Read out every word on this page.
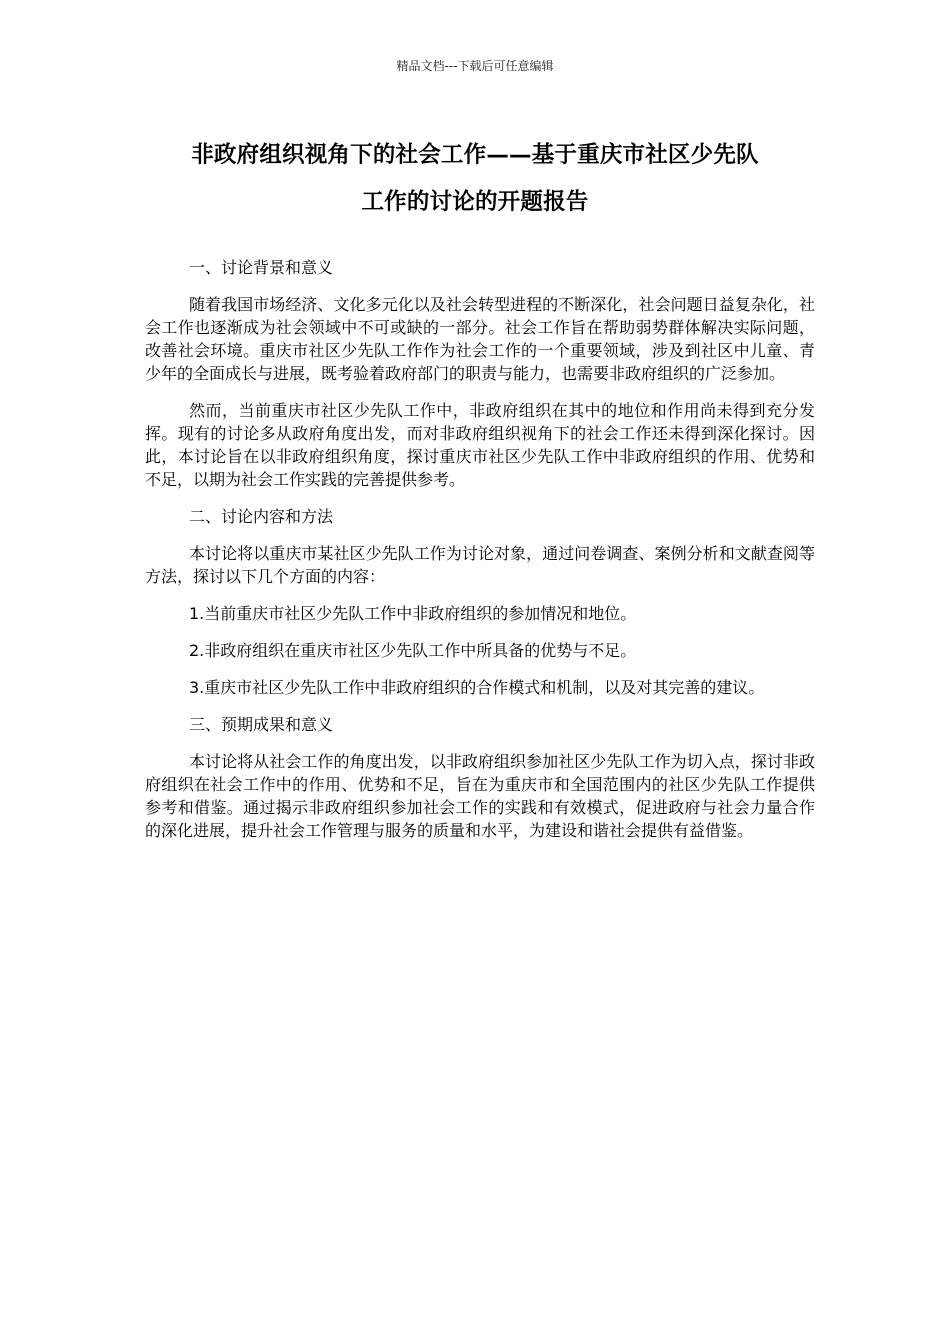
精品文档---下载后可任意编辑
非政府组织视角下的社会工作——基于重庆市社区少先队
工作的讨论的开题报告

一、讨论背景和意义

随着我国市场经济、文化多元化以及社会转型进程的不断深化，社会问题日益复杂化，社会工作也逐渐成为社会领域中不可或缺的一部分。社会工作旨在帮助弱势群体解决实际问题，改善社会环境。重庆市社区少先队工作作为社会工作的一个重要领域，涉及到社区中儿童、青少年的全面成长与进展，既考验着政府部门的职责与能力，也需要非政府组织的广泛参加。

然而，当前重庆市社区少先队工作中，非政府组织在其中的地位和作用尚未得到充分发挥。现有的讨论多从政府角度出发，而对非政府组织视角下的社会工作还未得到深化探讨。因此，本讨论旨在以非政府组织角度，探讨重庆市社区少先队工作中非政府组织的作用、优势和不足，以期为社会工作实践的完善提供参考。

二、讨论内容和方法

本讨论将以重庆市某社区少先队工作为讨论对象，通过问卷调查、案例分析和文献查阅等方法，探讨以下几个方面的内容：

1.当前重庆市社区少先队工作中非政府组织的参加情况和地位。

2.非政府组织在重庆市社区少先队工作中所具备的优势与不足。

3.重庆市社区少先队工作中非政府组织的合作模式和机制，以及对其完善的建议。

三、预期成果和意义

本讨论将从社会工作的角度出发，以非政府组织参加社区少先队工作为切入点，探讨非政府组织在社会工作中的作用、优势和不足，旨在为重庆市和全国范围内的社区少先队工作提供参考和借鉴。通过揭示非政府组织参加社会工作的实践和有效模式，促进政府与社会力量合作的深化进展，提升社会工作管理与服务的质量和水平，为建设和谐社会提供有益借鉴。
